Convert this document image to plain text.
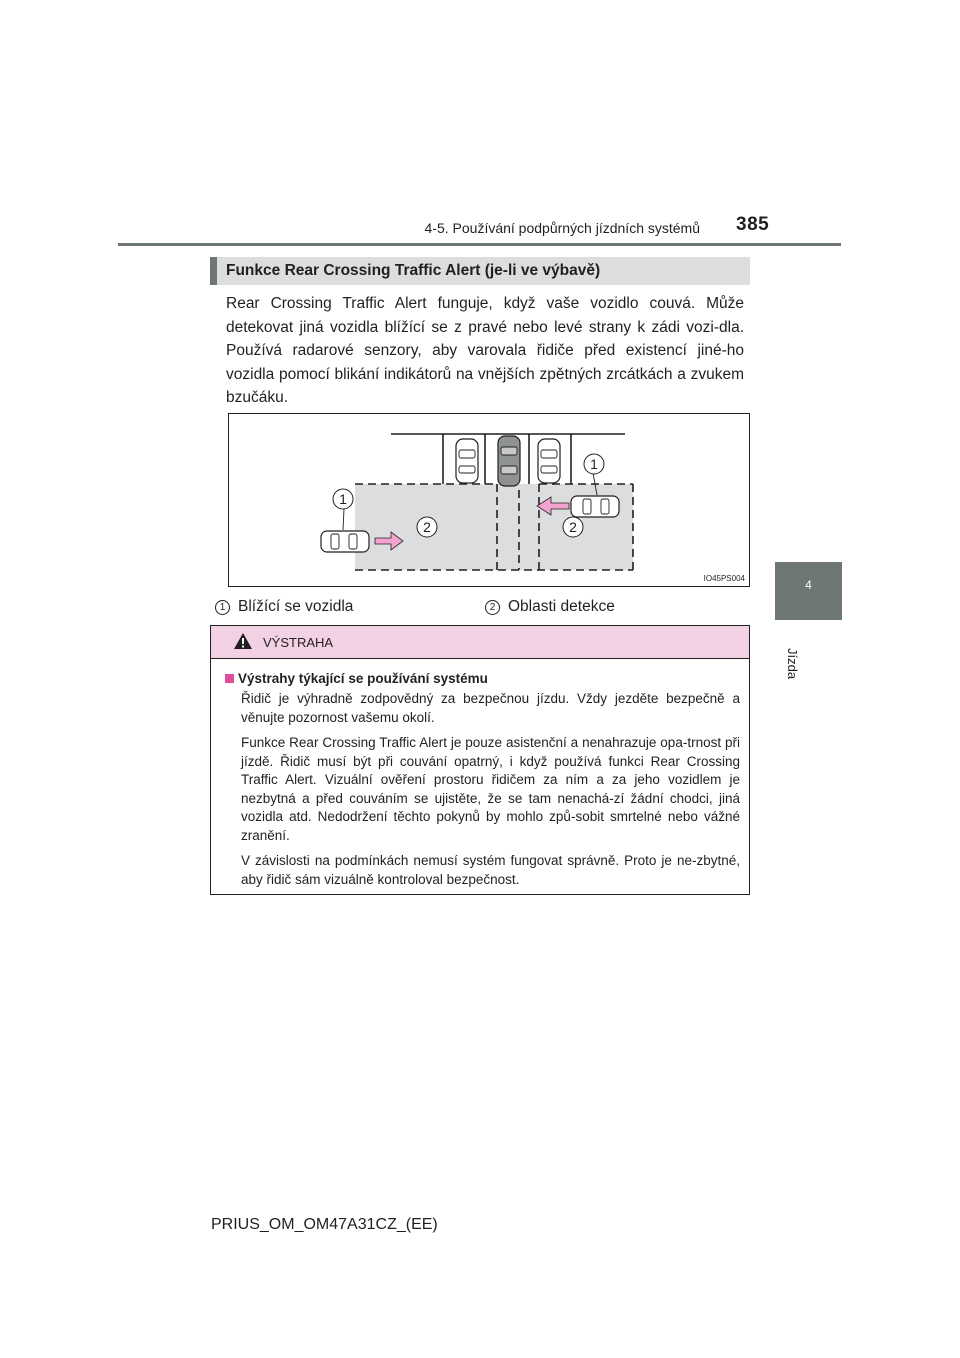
4-5. Používání podpůrných jízdních systémů 385
4
Jízda
Funkce Rear Crossing Traffic Alert (je-li ve výbavě)
Rear Crossing Traffic Alert funguje, když vaše vozidlo couvá. Může detekovat jiná vozidla blížící se z pravé nebo levé strany k zádi vozi-dla. Používá radarové senzory, aby varovala řidiče před existencí jiné-ho vozidla pomocí blikání indikátorů na vnějších zpětných zrcátkách a zvukem bzučáku.
1
1
2	2
IO45PS004
1 Blížící se vozidla	2 Oblasti detekce
VÝSTRAHA
Výstrahy týkající se používání systému

Řidič je výhradně zodpovědný za bezpečnou jízdu. Vždy jezděte bezpečně a věnujte pozornost vašemu okolí.

Funkce Rear Crossing Traffic Alert je pouze asistenční a nenahrazuje opa-trnost při jízdě. Řidič musí být při couvání opatrný, i když používá funkci Rear Crossing Traffic Alert. Vizuální ověření prostoru řidičem za ním a za jeho vozidlem je nezbytná a před couváním se ujistěte, že se tam nenachá-zí žádní chodci, jiná vozidla atd. Nedodržení těchto pokynů by mohlo způ-sobit smrtelné nebo vážné zranění.

V závislosti na podmínkách nemusí systém fungovat správně. Proto je ne-zbytné, aby řidič sám vizuálně kontroloval bezpečnost.

PRIUS_OM_OM47A31CZ_(EE)
